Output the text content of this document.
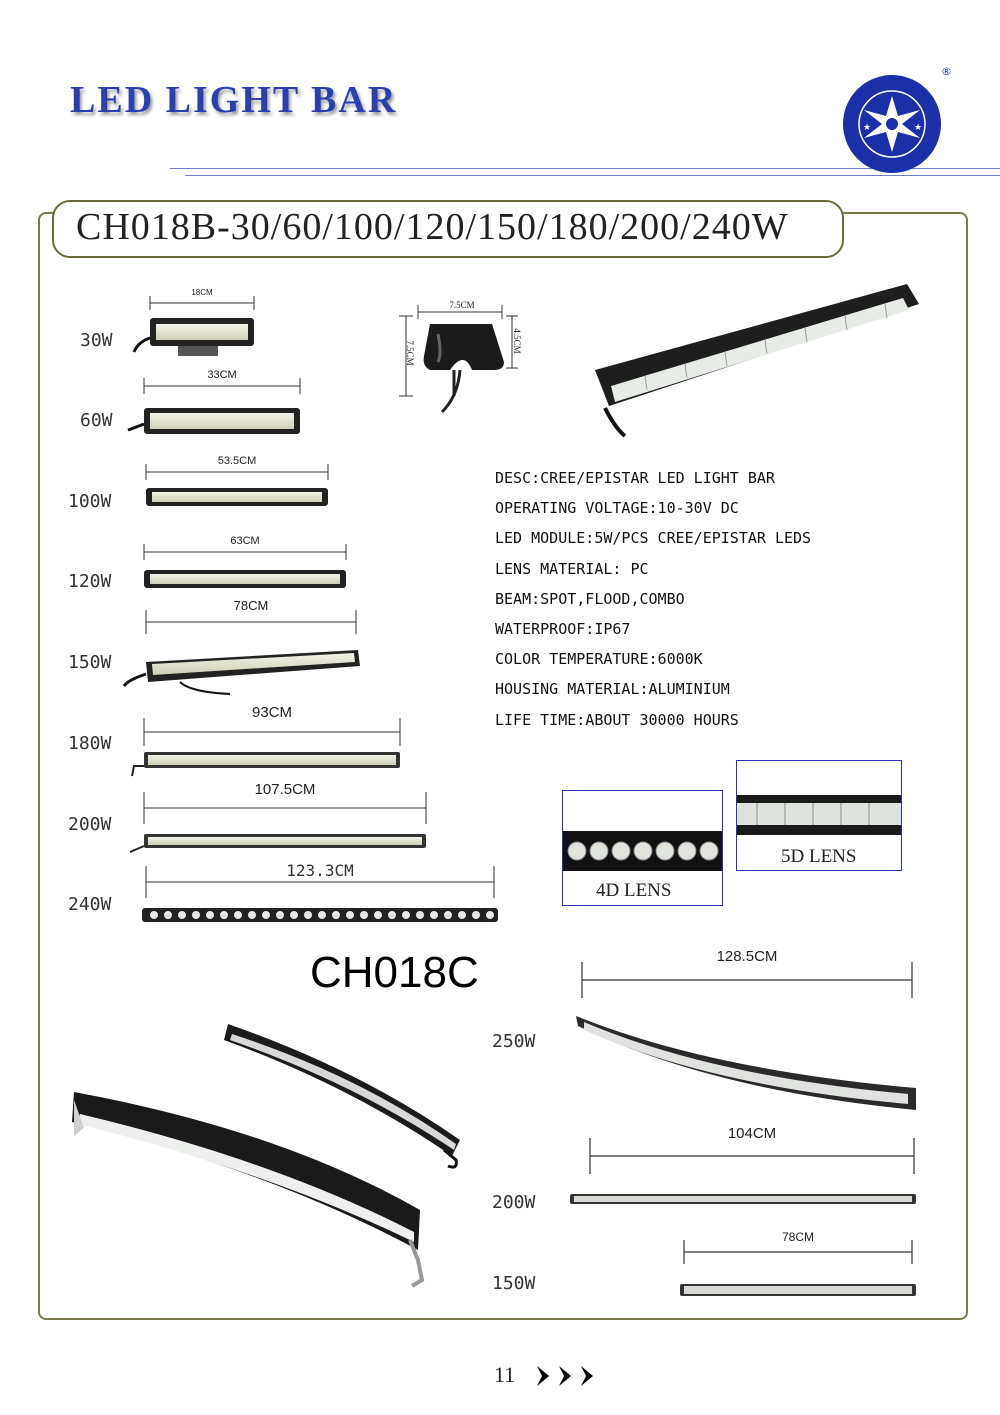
LED LIGHT BAR
★	★
®
CH018B-30/60/100/120/150/180/200/240W
30W
60W
100W
120W
150W
180W
200W
240W
18CM
33CM
53.5CM
63CM
78CM
93CM
107.5CM
123.3CM
7.5CM
7.5CM	4.5CM
DESC:CREE/EPISTAR LED LIGHT BAR
OPERATING VOLTAGE:10-30V DC
LED MODULE:5W/PCS CREE/EPISTAR LEDS
LENS MATERIAL: PC
BEAM:SPOT,FLOOD,COMBO
WATERPROOF:IP67
COLOR TEMPERATURE:6000K
HOUSING MATERIAL:ALUMINIUM
LIFE TIME:ABOUT 30000 HOURS
4D LENS
5D LENS
CH018C
250W
200W
150W
128.5CM
104CM
78CM
11
